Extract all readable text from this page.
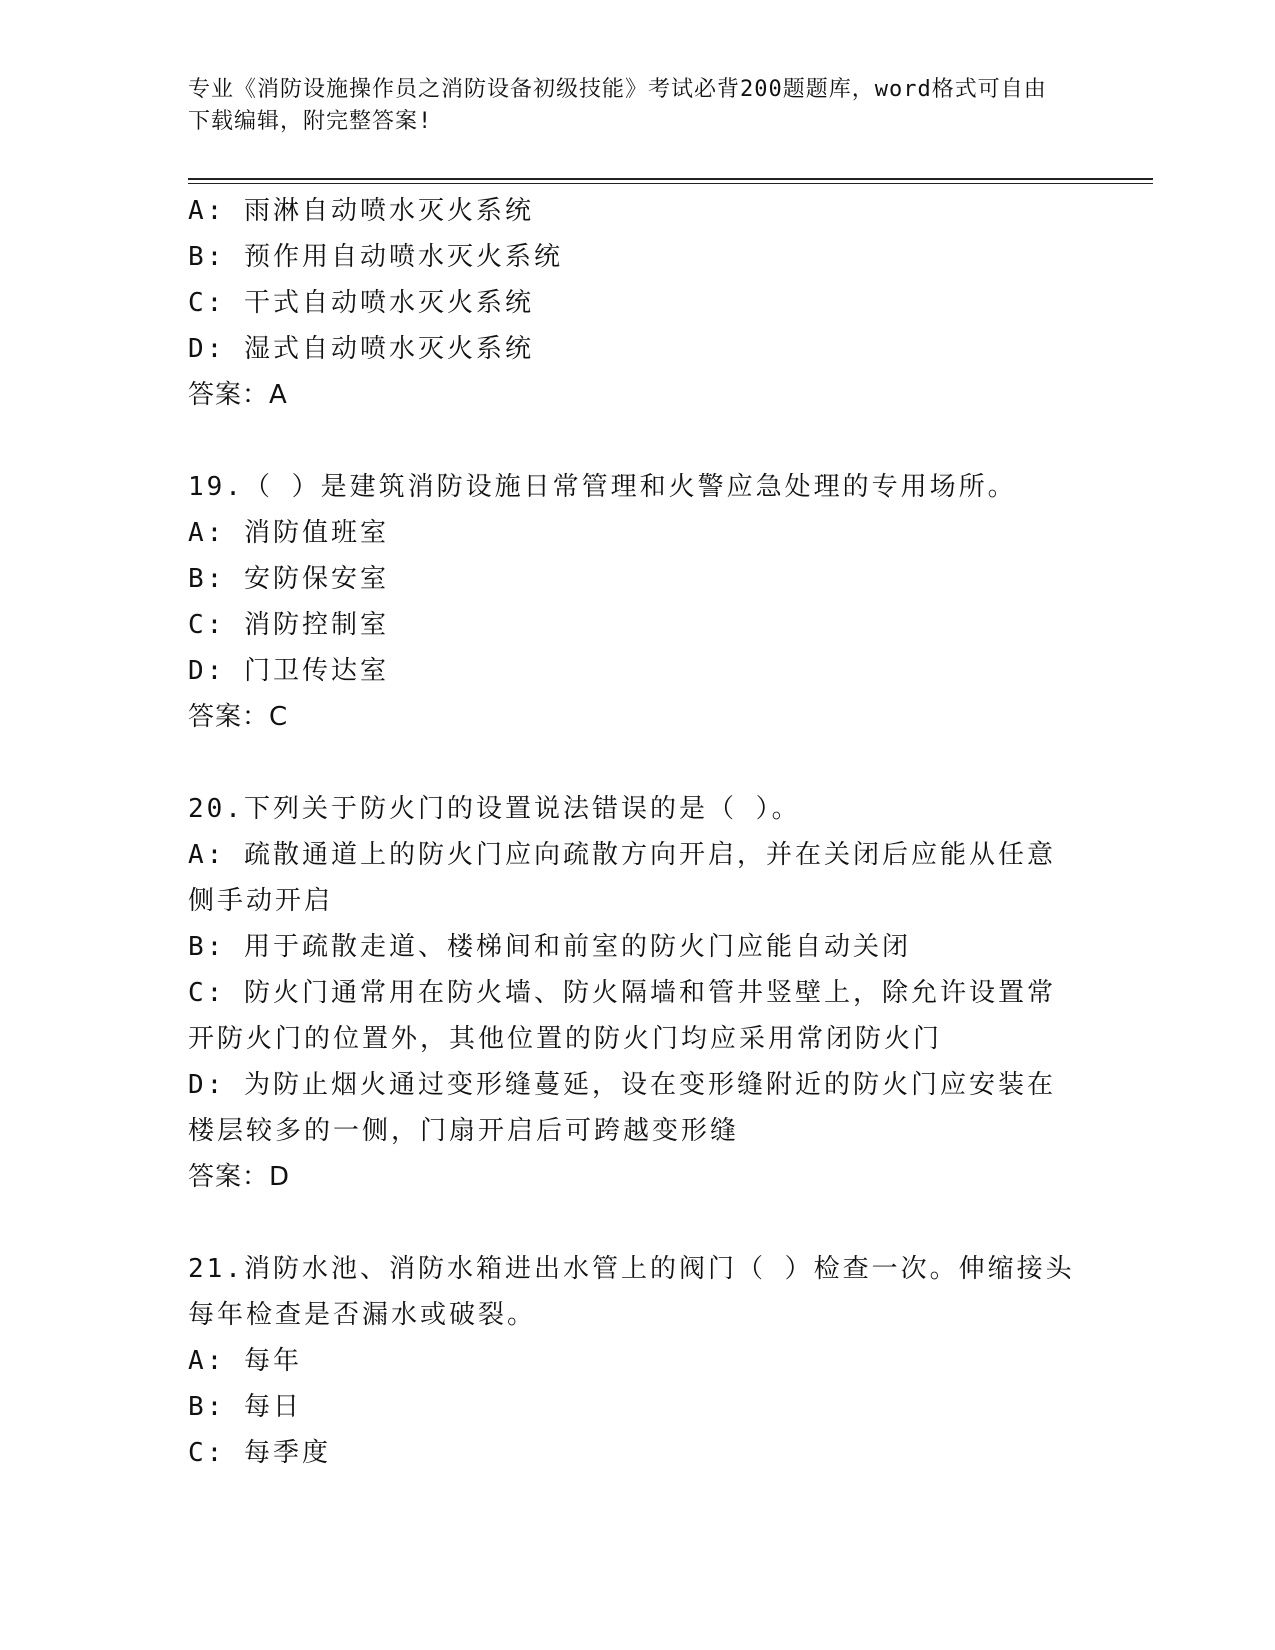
专业《消防设施操作员之消防设备初级技能》考试必背200题题库，word格式可自由下载编辑，附完整答案!
A: 雨淋自动喷水灭火系统
B: 预作用自动喷水灭火系统
C: 干式自动喷水灭火系统
D: 湿式自动喷水灭火系统
答案：A
19.（ ）是建筑消防设施日常管理和火警应急处理的专用场所。
A: 消防值班室
B: 安防保安室
C: 消防控制室
D: 门卫传达室
答案：C
20.下列关于防火门的设置说法错误的是（ ）。
A: 疏散通道上的防火门应向疏散方向开启，并在关闭后应能从任意侧手动开启
B: 用于疏散走道、楼梯间和前室的防火门应能自动关闭
C: 防火门通常用在防火墙、防火隔墙和管井竖壁上，除允许设置常开防火门的位置外，其他位置的防火门均应采用常闭防火门
D: 为防止烟火通过变形缝蔓延，设在变形缝附近的防火门应安装在楼层较多的一侧，门扇开启后可跨越变形缝
答案：D
21.消防水池、消防水箱进出水管上的阀门（ ）检查一次。伸缩接头每年检查是否漏水或破裂。
A: 每年
B: 每日
C: 每季度
